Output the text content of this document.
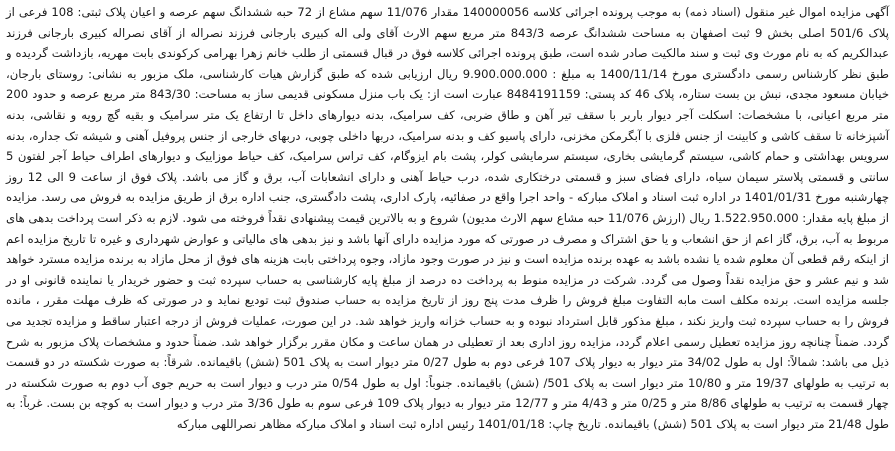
آگهی مزایده اموال غیر منقول (اسناد ذمه) به موجب پرونده اجرائی کلاسه 140000056 مقدار 11/076 سهم مشاع از 72 حبه ششدانگ سهم عرصه و اعیان پلاک ثبتی: 108 فرعی از پلاک 501/6 اصلی بخش 9 ثبت اصفهان به مساحت ششدانگ عرصه 843/3 متر مربع سهم الارث آقای ولی اله کبیری بارجانی فرزند نصراله از آقای نصراله کبیری بارجانی فرزند عبدالکریم که به نام مورث وی ثبت و سند مالکیت صادر شده است، طبق پرونده اجرائی کلاسه فوق در قبال قسمتی از طلب خانم زهرا بهرامی کرکوندی بابت مهریه، بازداشت گردیده و طبق نظر کارشناس رسمی دادگستری مورخ 1400/11/14 به مبلغ : 9.900.000.000 ریال ارزیابی شده که طبق گزارش هیات کارشناسی، ملک مزبور به نشانی: روستای بارجان، خیابان مسعود مجدی، نبش بن بست ستاره، پلاک 46 کد پستی: 8484191159 عبارت است از: یک باب منزل مسکونی قدیمی ساز به مساحت: 843/30 متر مربع عرصه و حدود 200 متر مربع اعیانی، با مشخصات: اسکلت آجر دیوار باربر با سقف تیر آهن و طاق ضربی، کف سرامیک، بدنه دیوارهای داخل تا ارتفاع یک متر سرامیک و بقیه گچ رویه و نقاشی، بدنه آشپزخانه تا سقف کاشی و کابینت از جنس فلزی با آبگرمکن مخزنی، دارای پاسیو کف و بدنه سرامیک، دربها داخلی چوبی، دربهای خارجی از جنس پروفیل آهنی و شیشه تک جداره، بدنه سرویس بهداشتی و حمام کاشی، سیستم گرمایشی بخاری، سیستم سرمایشی کولر، پشت بام ایزوگام، کف تراس سرامیک، کف حیاط موزاییک و دیوارهای اطراف حیاط آجر لفتون 5 سانتی و قسمتی پلاستر سیمان سیاه، دارای فضای سبز و قسمتی درختکاری شده، درب حیاط آهنی و دارای انشعابات آب، برق و گاز می باشد. پلاک فوق از ساعت 9 الی 12 روز چهارشنبه مورخ 1401/01/31 در اداره ثبت اسناد و املاک مبارکه - واحد اجرا واقع در صفائیه، پارک اداری، پشت دادگستری، جنب اداره برق از طریق مزایده به فروش می رسد. مزایده از مبلغ پایه مقدار: 1.522.950.000 ریال (ارزش 11/076 حبه مشاع سهم الارث مدیون) شروع و به بالاترین قیمت پیشنهادی نقداً فروخته می شود. لازم به ذکر است پرداخت بدهی های مربوط به آب، برق، گاز اعم از حق انشعاب و یا حق اشتراک و مصرف در صورتی که مورد مزایده دارای آنها باشد و نیز بدهی های مالیاتی و عوارض شهرداری و غیره تا تاریخ مزایده اعم از اینکه رقم قطعی آن معلوم شده یا نشده باشد به عهده برنده مزایده است و نیز در صورت وجود مازاد، وجوه پرداختی بابت هزینه های فوق از محل مازاد به برنده مزایده مسترد خواهد شد و نیم عشر و حق مزایده نقداً وصول می گردد. شرکت در مزایده منوط به پرداخت ده درصد از مبلغ پایه کارشناسی به حساب سپرده ثبت و حضور خریدار یا نماینده قانونی او در جلسه مزایده است. برنده مکلف است مابه التفاوت مبلغ فروش را ظرف مدت پنج روز از تاریخ مزایده به حساب صندوق ثبت تودیع نماید و در صورتی که ظرف مهلت مقرر ، مانده فروش را به حساب سپرده ثبت واریز نکند ، مبلغ مذکور قابل استرداد نبوده و به حساب خزانه واریز خواهد شد. در این صورت، عملیات فروش از درجه اعتبار ساقط و مزایده تجدید می گردد. ضمناً چنانچه روز مزایده تعطیل رسمی اعلام گردد، مزایده روز اداری بعد از تعطیلی در همان ساعت و مکان مقرر برگزار خواهد شد. ضمناً حدود و مشخصات پلاک مزبور به شرح ذیل می باشد: شمالاً: اول به طول 34/02 متر دیوار به دیوار پلاک 107 فرعی دوم به طول 0/27 متر دیوار است به پلاک 501 (شش) باقیمانده. شرقاً: به صورت شکسته در دو قسمت به ترتیب به طولهای 19/37 متر و 10/80 متر دیوار است به پلاک 501/ (شش) باقیمانده. جنوباً: اول به طول 0/54 متر درب و دیوار است به حریم جوی آب دوم به صورت شکسته در چهار قسمت به ترتیب به طولهای 8/86 متر و 0/25 متر و 4/43 متر و 12/77 متر دیوار به دیوار پلاک 109 فرعی سوم به طول 3/36 متر درب و دیوار است به کوچه بن بست. غرباً: به طول 21/48 متر دیوار است به پلاک 501 (شش) باقیمانده. تاریخ چاپ: 1401/01/18 رئیس اداره ثبت اسناد و املاک مبارکه مظاهر نصراللهی مبارکه
